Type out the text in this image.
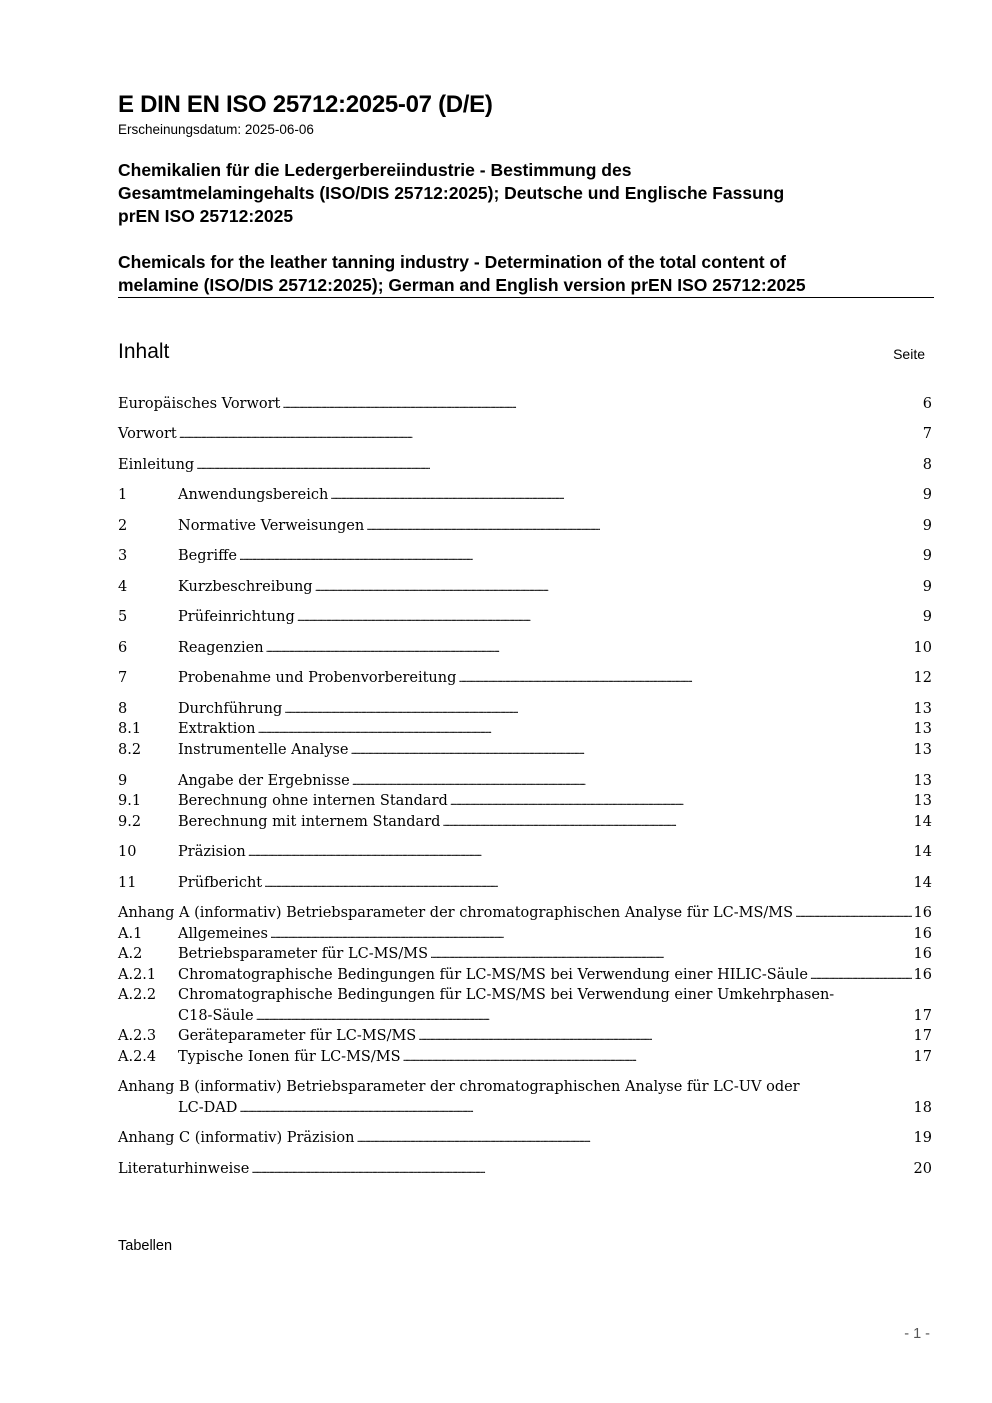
E DIN EN ISO 25712:2025-07 (D/E)
Erscheinungsdatum: 2025-06-06
Chemikalien für die Ledergerbereiindustrie - Bestimmung des
Gesamtmelamingehalts (ISO/DIS 25712:2025); Deutsche und Englische Fassung
prEN ISO 25712:2025
Chemicals for the leather tanning industry - Determination of the total content of
melamine (ISO/DIS 25712:2025); German and English version prEN ISO 25712:2025
Inhalt	Seite
Europäisches Vorwort . . .	6
Vorwort . . .	7
Einleitung . . .	8
1	Anwendungsbereich . . .	9
2	Normative Verweisungen . . .	9
3	Begriffe . . .	9
4	Kurzbeschreibung . . .	9
5	Prüfeinrichtung . . .	9
6	Reagenzien . . .	10
7	Probenahme und Probenvorbereitung . . .	12
8	Durchführung . . .	13
8.1	Extraktion . . .	13
8.2	Instrumentelle Analyse . . .	13
9	Angabe der Ergebnisse . . .	13
9.1	Berechnung ohne internen Standard . . .	13
9.2	Berechnung mit internem Standard . . .	14
10	Präzision . . .	14
11	Prüfbericht . . .	14
Anhang A (informativ) Betriebsparameter der chromatographischen Analyse für LC-MS/MS . . .	16
A.1	Allgemeines . . .	16
A.2	Betriebsparameter für LC-MS/MS . . .	16
A.2.1	Chromatographische Bedingungen für LC-MS/MS bei Verwendung einer HILIC-Säule . . .	16
A.2.2 Chromatographische Bedingungen für LC-MS/MS bei Verwendung einer Umkehrphasen-
C18-Säule . . .	17
A.2.3	Geräteparameter für LC-MS/MS . . .	17
A.2.4	Typische Ionen für LC-MS/MS . . .	17
Anhang B (informativ) Betriebsparameter der chromatographischen Analyse für LC-UV oder
LC-DAD . . .	18
Anhang C (informativ) Präzision . . .	19
Literaturhinweise . . .	20
Tabellen
- 1 -
